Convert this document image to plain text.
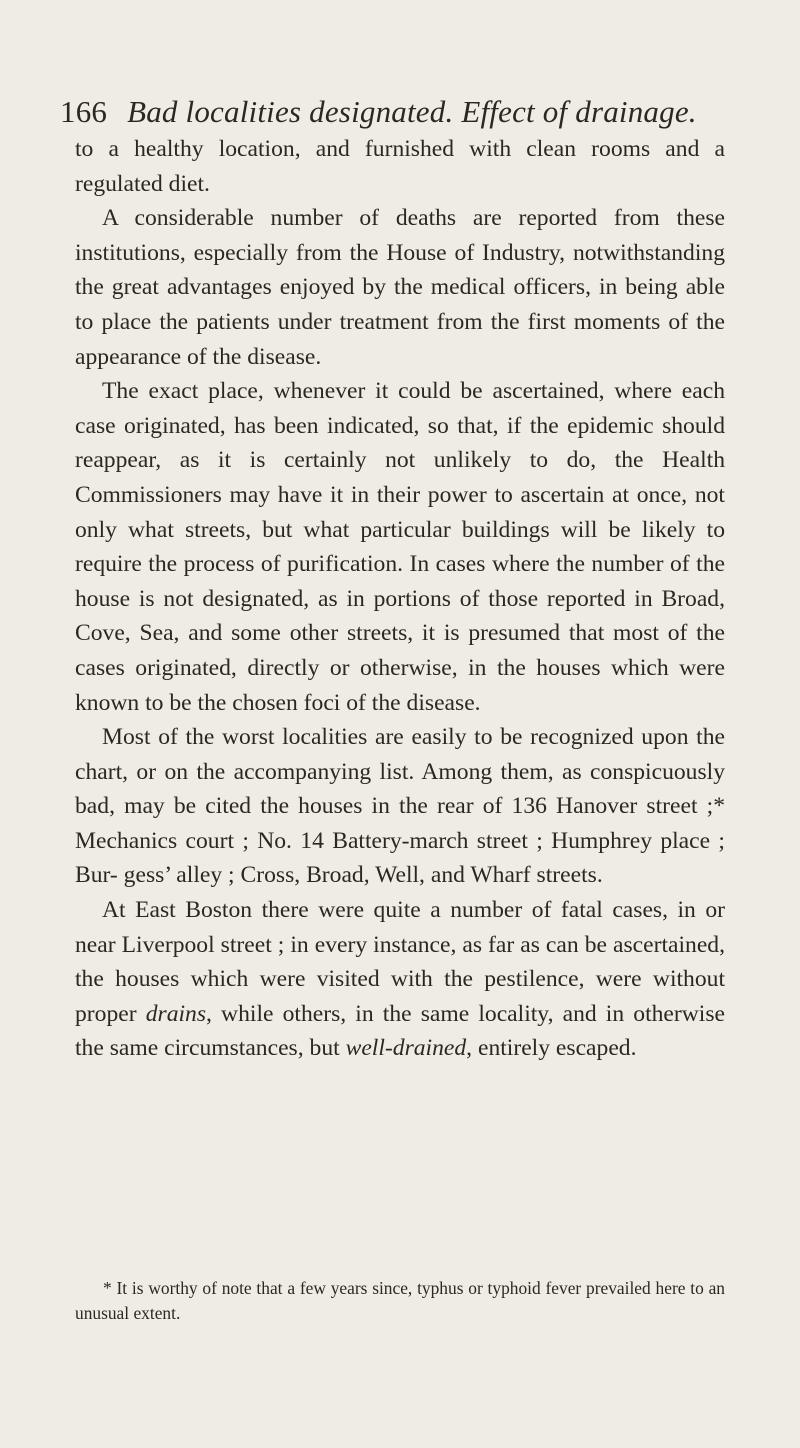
166 Bad localities designated. Effect of drainage.

to a healthy location, and furnished with clean rooms and a regulated diet.

A considerable number of deaths are reported from these institutions, especially from the House of Industry, notwithstanding the great advantages enjoyed by the medical officers, in being able to place the patients under treatment from the first moments of the appearance of the disease.

The exact place, whenever it could be ascertained, where each case originated, has been indicated, so that, if the epidemic should reappear, as it is certainly not unlikely to do, the Health Commissioners may have it in their power to ascertain at once, not only what streets, but what particular buildings will be likely to require the process of purification. In cases where the number of the house is not designated, as in portions of those reported in Broad, Cove, Sea, and some other streets, it is presumed that most of the cases originated, directly or otherwise, in the houses which were known to be the chosen foci of the disease.

Most of the worst localities are easily to be recognized upon the chart, or on the accompanying list. Among them, as conspicuously bad, may be cited the houses in the rear of 136 Hanover street ;* Mechanics court ; No. 14 Battery-march street ; Humphrey place ; Bur- gess’ alley ; Cross, Broad, Well, and Wharf streets.

At East Boston there were quite a number of fatal cases, in or near Liverpool street ; in every instance, as far as can be ascertained, the houses which were visited with the pestilence, were without proper drains, while others, in the same locality, and in otherwise the same circumstances, but well-drained, entirely escaped.

* It is worthy of note that a few years since, typhus or typhoid fever prevailed here to an unusual extent.
